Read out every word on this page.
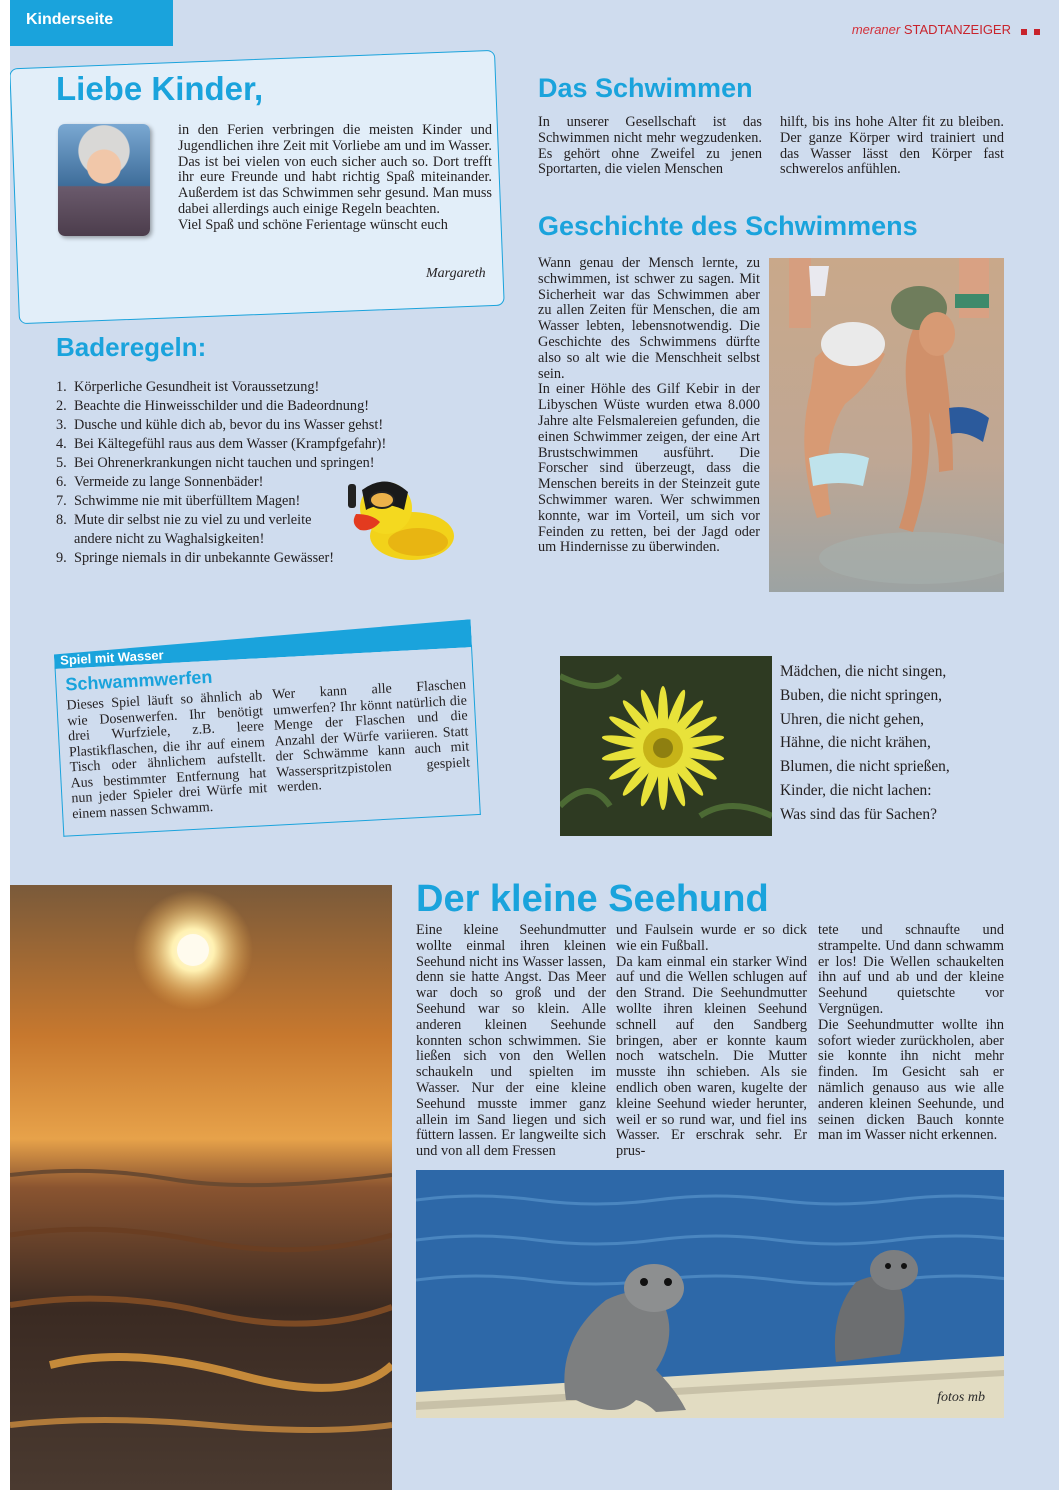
Kinderseite
meraner STADTANZEIGER
Liebe Kinder,
in den Ferien verbringen die meisten Kinder und Jugendlichen ihre Zeit mit Vorliebe am und im Wasser. Das ist bei vielen von euch sicher auch so. Dort trefft ihr eure Freunde und habt richtig Spaß miteinander. Außerdem ist das Schwimmen sehr gesund. Man muss dabei allerdings auch einige Regeln beachten.
Viel Spaß und schöne Ferientage wünscht euch
Margareth
Baderegeln:
1. Körperliche Gesundheit ist Voraussetzung!
2. Beachte die Hinweisschilder und die Badeordnung!
3. Dusche und kühle dich ab, bevor du ins Wasser gehst!
4. Bei Kältegefühl raus aus dem Wasser (Krampfgefahr)!
5. Bei Ohrenerkrankungen nicht tauchen und springen!
6. Vermeide zu lange Sonnenbäder!
7. Schwimme nie mit überfülltem Magen!
8. Mute dir selbst nie zu viel zu und verleite andere nicht zu Waghalsigkeiten!
9. Springe niemals in dir unbekannte Gewässer!
Das Schwimmen
In unserer Gesellschaft ist das Schwimmen nicht mehr wegzudenken. Es gehört ohne Zweifel zu jenen Sportarten, die vielen Menschen
hilft, bis ins hohe Alter fit zu bleiben. Der ganze Körper wird trainiert und das Wasser lässt den Körper fast schwerelos anfühlen.
Geschichte des Schwimmens
Wann genau der Mensch lernte, zu schwimmen, ist schwer zu sagen. Mit Sicherheit war das Schwimmen aber zu allen Zeiten für Menschen, die am Wasser lebten, lebensnotwendig. Die Geschichte des Schwimmens dürfte also so alt wie die Menschheit selbst sein.
In einer Höhle des Gilf Kebir in der Libyschen Wüste wurden etwa 8.000 Jahre alte Felsmalereien gefunden, die einen Schwimmer zeigen, der eine Art Brustschwimmen ausführt. Die Forscher sind überzeugt, dass die Menschen bereits in der Steinzeit gute Schwimmer waren. Wer schwimmen konnte, war im Vorteil, um sich vor Feinden zu retten, bei der Jagd oder um Hindernisse zu überwinden.
Spiel mit Wasser
Schwammwerfen
Dieses Spiel läuft so ähnlich ab wie Dosenwerfen. Ihr benötigt drei Wurfziele, z.B. leere Plastikflaschen, die ihr auf einem Tisch oder ähnlichem aufstellt. Aus bestimmter Entfernung hat nun jeder Spieler drei Würfe mit einem nassen Schwamm.
Wer kann alle Flaschen umwerfen? Ihr könnt natürlich die Menge der Flaschen und die Anzahl der Würfe variieren. Statt der Schwämme kann auch mit Wasserspritzpistolen gespielt werden.
Mädchen, die nicht singen,
Buben, die nicht springen,
Uhren, die nicht gehen,
Hähne, die nicht krähen,
Blumen, die nicht sprießen,
Kinder, die nicht lachen:
Was sind das für Sachen?
Der kleine Seehund
Eine kleine Seehundmutter wollte einmal ihren kleinen Seehund nicht ins Wasser lassen, denn sie hatte Angst. Das Meer war doch so groß und der Seehund war so klein. Alle anderen kleinen Seehunde konnten schon schwimmen. Sie ließen sich von den Wellen schaukeln und spielten im Wasser. Nur der eine kleine Seehund musste immer ganz allein im Sand liegen und sich füttern lassen. Er langweilte sich und von all dem Fressen
und Faulsein wurde er so dick wie ein Fußball.
Da kam einmal ein starker Wind auf und die Wellen schlugen auf den Strand. Die Seehundmutter wollte ihren kleinen Seehund schnell auf den Sandberg bringen, aber er konnte kaum noch watscheln. Die Mutter musste ihn schieben. Als sie endlich oben waren, kugelte der kleine Seehund wieder herunter, weil er so rund war, und fiel ins Wasser. Er erschrak sehr. Er prus-
tete und schnaufte und strampelte. Und dann schwamm er los! Die Wellen schaukelten ihn auf und ab und der kleine Seehund quietschte vor Vergnügen.
Die Seehundmutter wollte ihn sofort wieder zurückholen, aber sie konnte ihn nicht mehr finden. Im Gesicht sah er nämlich genauso aus wie alle anderen kleinen Seehunde, und seinen dicken Bauch konnte man im Wasser nicht erkennen.
fotos mb
